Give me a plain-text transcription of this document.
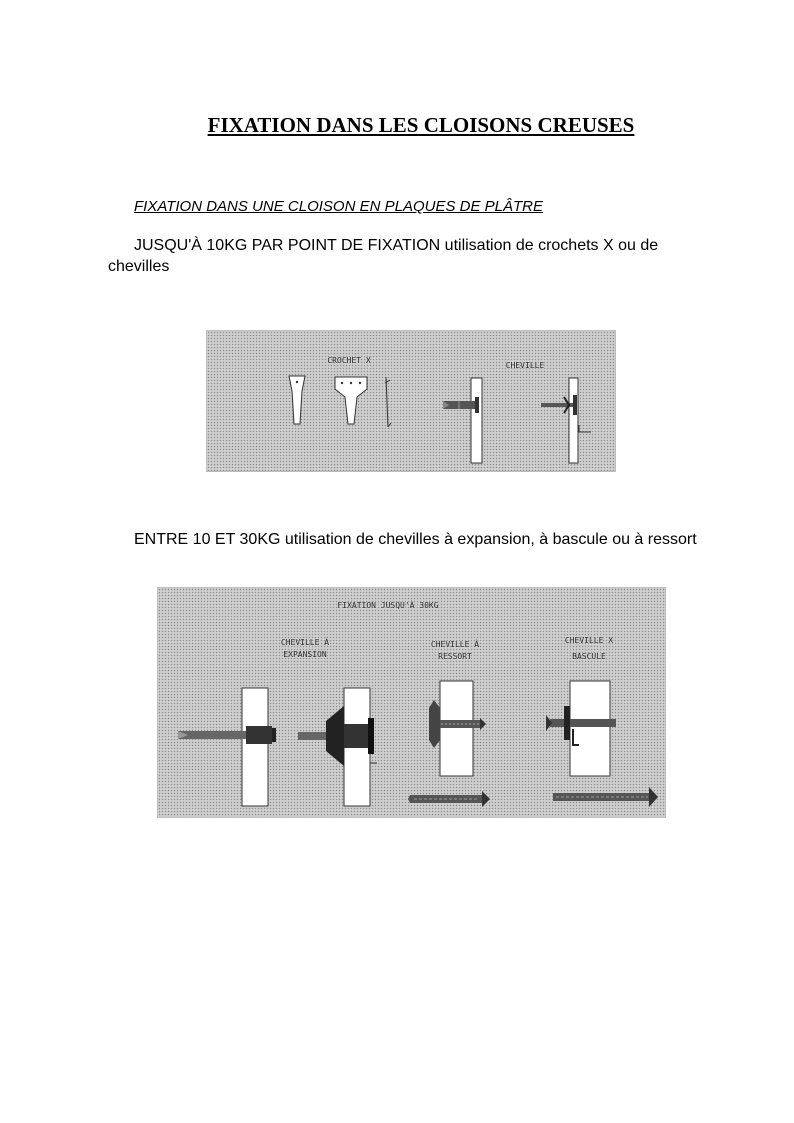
FIXATION DANS LES CLOISONS CREUSES
FIXATION DANS UNE CLOISON EN PLAQUES DE PLÂTRE
JUSQU'À 10KG PAR POINT DE FIXATION utilisation de crochets X ou de chevilles
CROCHET X
CHEVILLE
ENTRE 10 ET 30KG utilisation de chevilles à expansion, à bascule ou à ressort
FIXATION JUSQU'À 30KG
CHEVILLE À
EXPANSION
CHEVILLE À
RESSORT
CHEVILLE X
BASCULE
